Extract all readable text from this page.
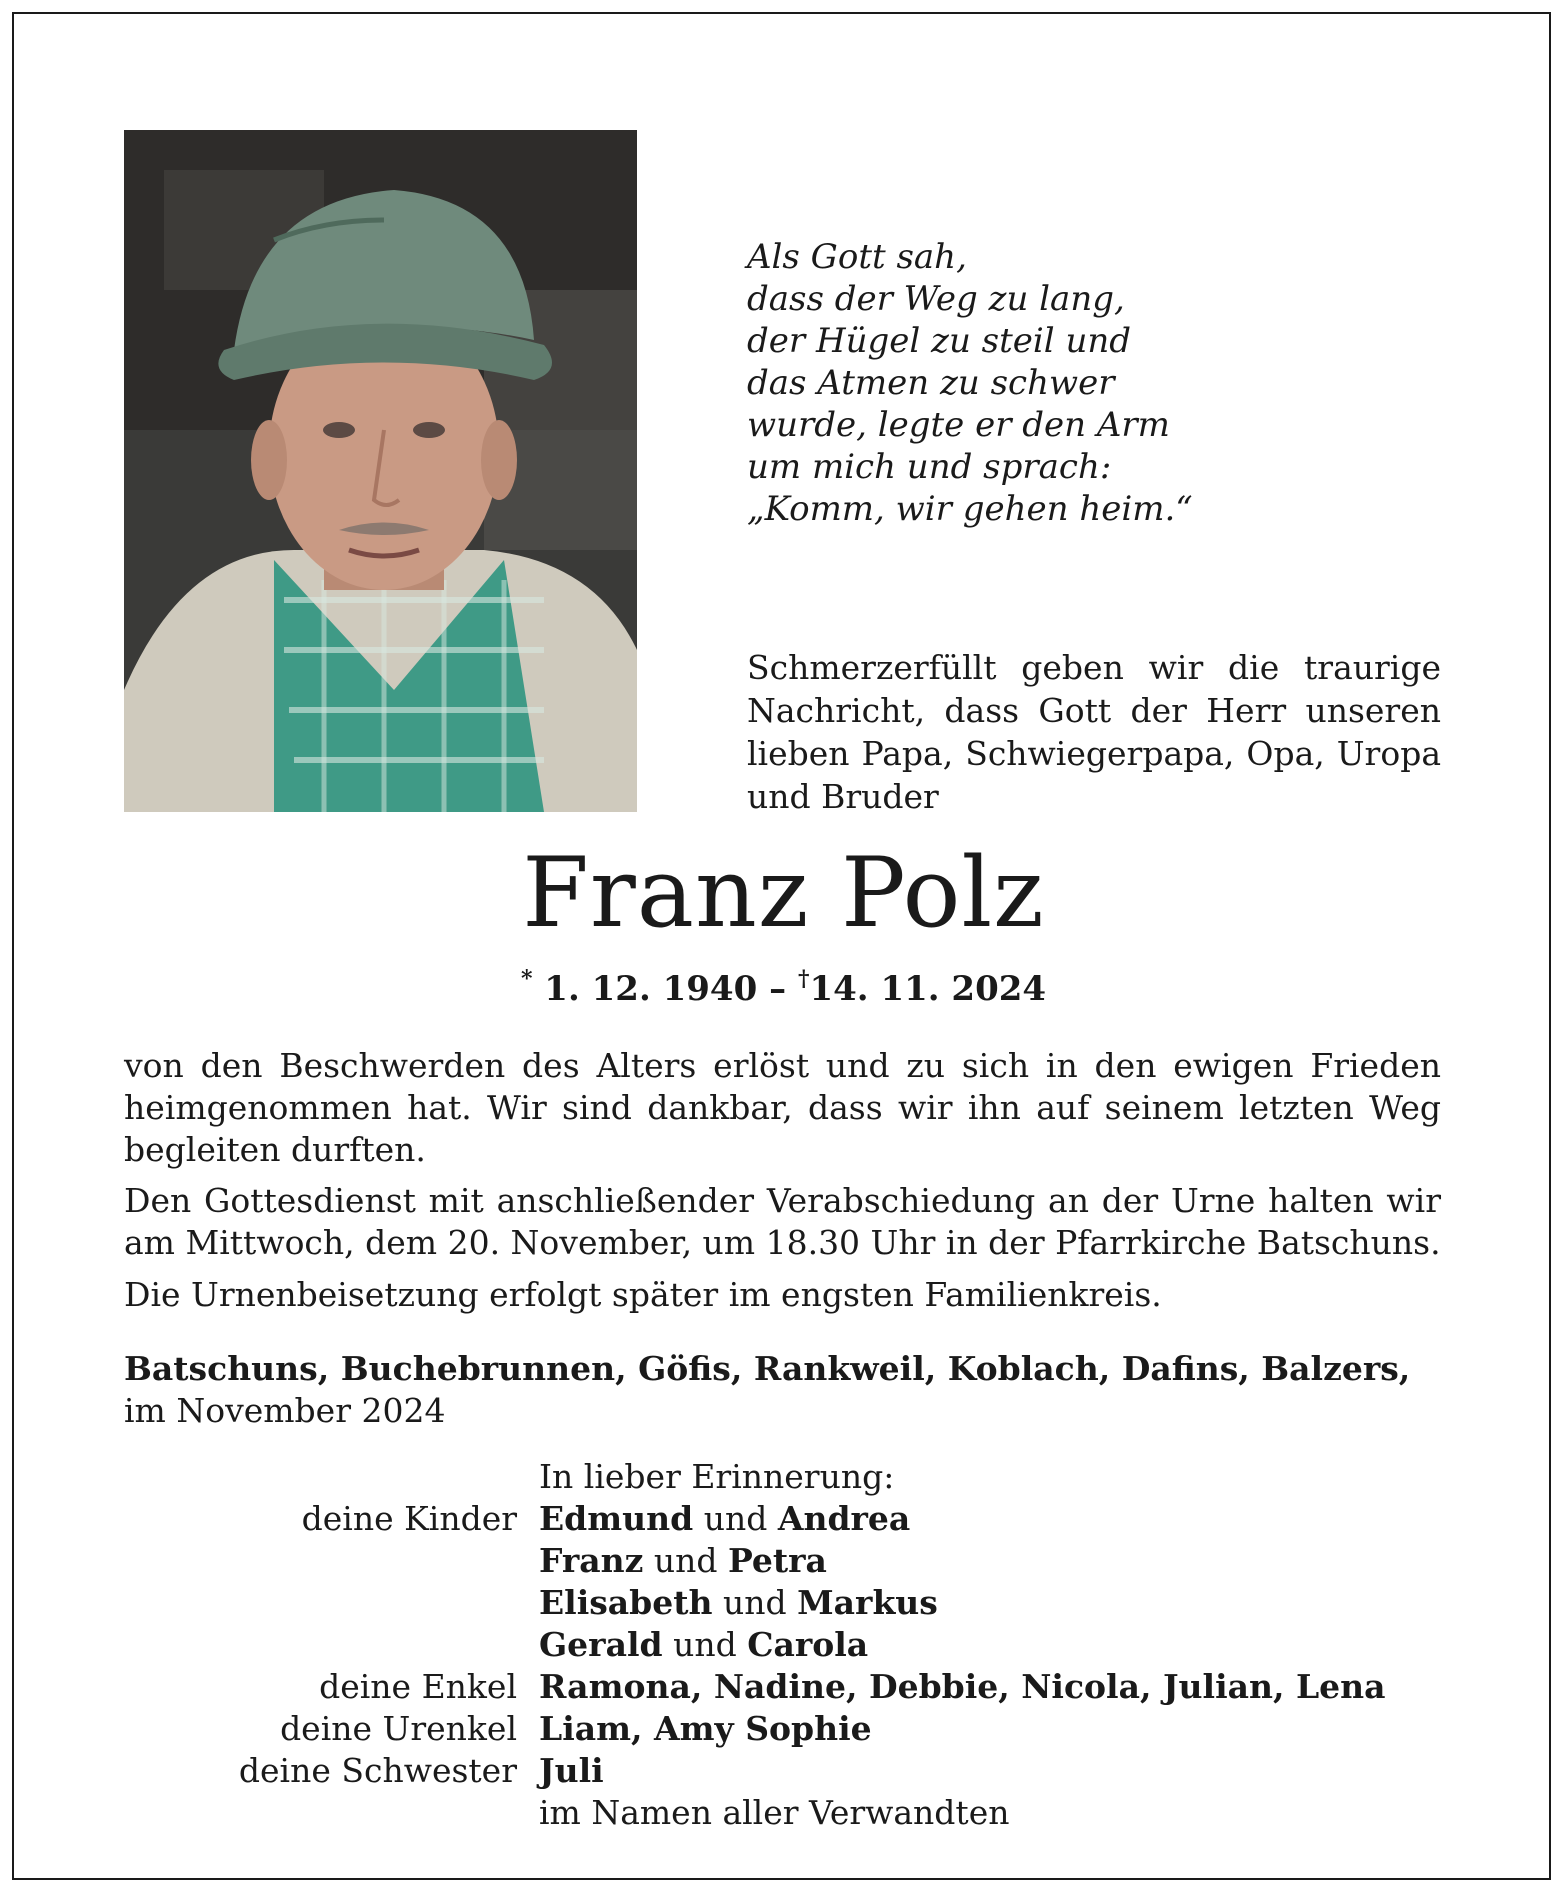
Als Gott sah,
dass der Weg zu lang,
der Hügel zu steil und
das Atmen zu schwer
wurde, legte er den Arm
um mich und sprach:
„Komm, wir gehen heim.“

Schmerzerfüllt geben wir die traurige Nachricht, dass Gott der Herr unseren lieben Papa, Schwiegerpapa, Opa, Uropa und Bruder

Franz Polz

* 1. 12. 1940 – †14. 11. 2024

von den Beschwerden des Alters erlöst und zu sich in den ewigen Frieden heimgenommen hat. Wir sind dankbar, dass wir ihn auf seinem letzten Weg begleiten durften.

Den Gottesdienst mit anschließender Verabschiedung an der Urne halten wir am Mittwoch, dem 20. November, um 18.30 Uhr in der Pfarrkirche Batschuns.

Die Urnenbeisetzung erfolgt später im engsten Familienkreis.

Batschuns, Buchebrunnen, Göfis, Rankweil, Koblach, Dafins, Balzers, im November 2024

In lieber Erinnerung:
deine Kinder Edmund und Andrea
Franz und Petra
Elisabeth und Markus
Gerald und Carola
deine Enkel Ramona, Nadine, Debbie, Nicola, Julian, Lena
deine Urenkel Liam, Amy Sophie
deine Schwester Juli
im Namen aller Verwandten
